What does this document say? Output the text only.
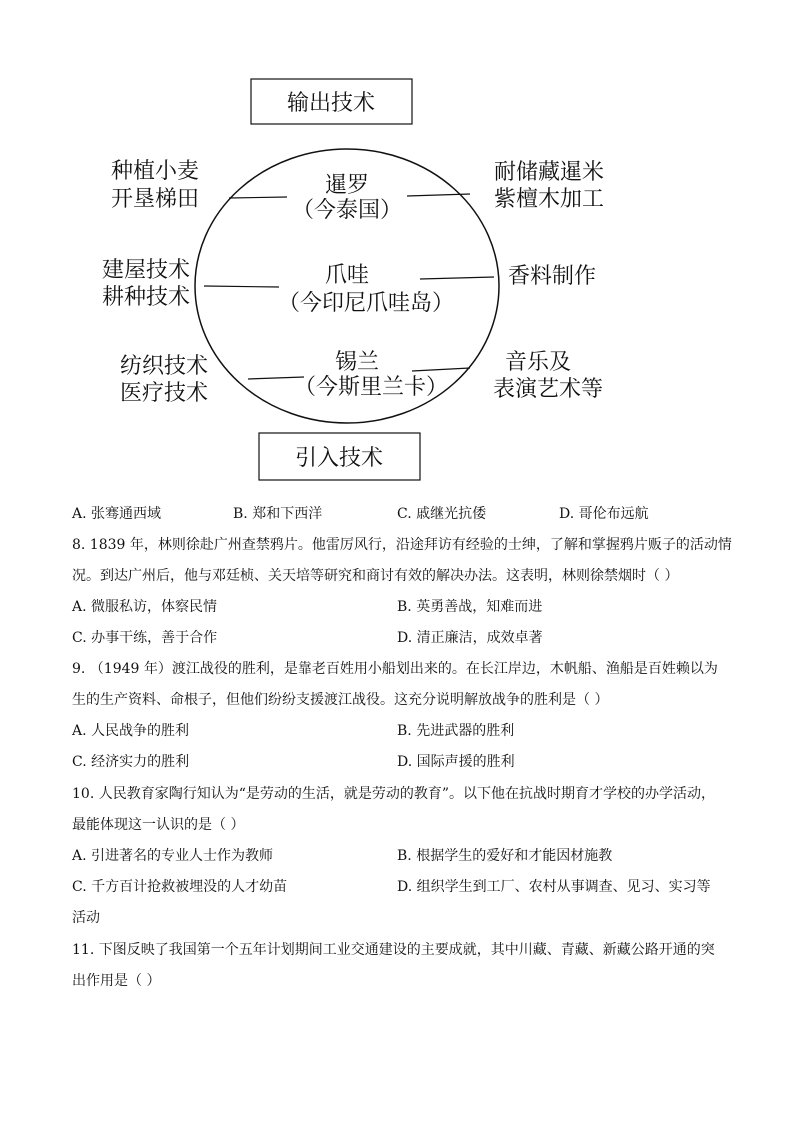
输出技术
引入技术
暹罗
（今泰国）
爪哇
（今印尼爪哇岛）
锡兰
（今斯里兰卡）
种植小麦
开垦梯田
建屋技术
耕种技术
纺织技术
医疗技术
耐储藏暹米
紫檀木加工
香料制作
音乐及
表演艺术等
A. 张骞通西域	B. 郑和下西洋	C. 戚继光抗倭	D. 哥伦布远航
8. 1839 年，林则徐赴广州查禁鸦片。他雷厉风行，沿途拜访有经验的士绅，了解和掌握鸦片贩子的活动情
况。到达广州后，他与邓廷桢、关天培等研究和商讨有效的解决办法。这表明，林则徐禁烟时（ ）
A. 微服私访，体察民情	B. 英勇善战，知难而进
C. 办事干练，善于合作	D. 清正廉洁，成效卓著
9. （1949 年）渡江战役的胜利，是靠老百姓用小船划出来的。在长江岸边，木帆船、渔船是百姓赖以为
生的生产资料、命根子，但他们纷纷支援渡江战役。这充分说明解放战争的胜利是（ ）
A. 人民战争的胜利	B. 先进武器的胜利
C. 经济实力的胜利	D. 国际声援的胜利
10. 人民教育家陶行知认为“是劳动的生活，就是劳动的教育”。以下他在抗战时期育才学校的办学活动，
最能体现这一认识的是（ ）
A. 引进著名的专业人士作为教师	B. 根据学生的爱好和才能因材施教
C. 千方百计抢救被埋没的人才幼苗	D. 组织学生到工厂、农村从事调查、见习、实习等
活动
11. 下图反映了我国第一个五年计划期间工业交通建设的主要成就，其中川藏、青藏、新藏公路开通的突
出作用是（ ）
